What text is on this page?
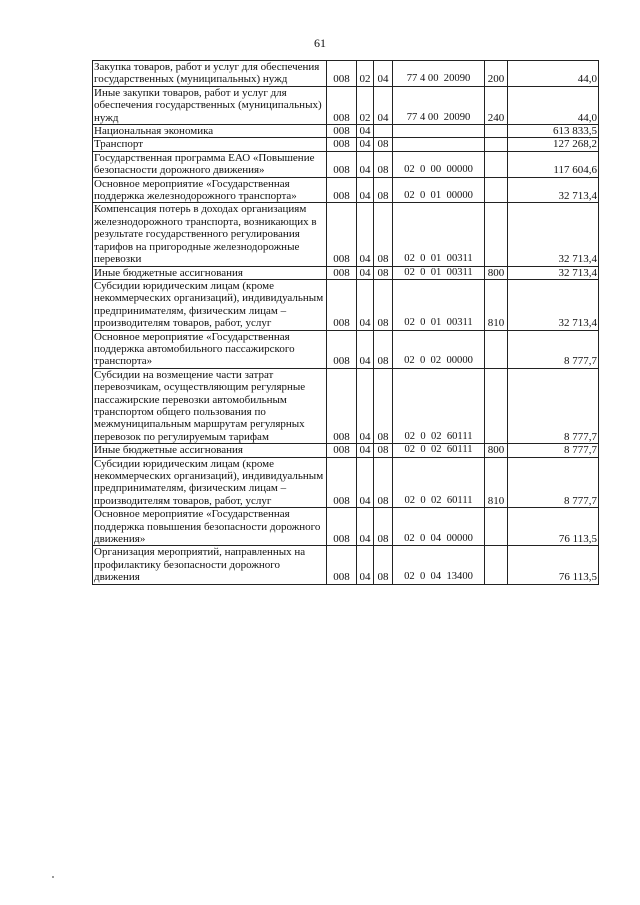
61
Закупка товаров, работ и услуг для обеспечения государственных (муниципальных) нужд	008	02	04	77 4 00  20090	200	44,0
Иные закупки товаров, работ и услуг для обеспечения государственных (муниципальных) нужд	008	02	04	77 4 00  20090	240	44,0
Национальная экономика	008	04				613 833,5
Транспорт	008	04	08			127 268,2
Государственная программа ЕАО «Повышение безопасности дорожного движения»	008	04	08	02  0  00  00000		117 604,6
Основное мероприятие «Государственная поддержка железнодорожного транспорта»	008	04	08	02  0  01  00000		32 713,4
Компенсация потерь в доходах организациям железнодорожного транспорта, возникающих в результате государственного регулирования тарифов на пригородные железнодорожные перевозки	008	04	08	02  0  01  00311		32 713,4
Иные бюджетные ассигнования	008	04	08	02  0  01  00311	800	32 713,4
Субсидии юридическим лицам (кроме некоммерческих организаций), индивидуальным предпринимателям, физическим лицам – производителям товаров, работ, услуг	008	04	08	02  0  01  00311	810	32 713,4
Основное мероприятие «Государственная поддержка автомобильного пассажирского транспорта»	008	04	08	02  0  02  00000		8 777,7
Субсидии на возмещение части затрат перевозчикам, осуществляющим регулярные пассажирские перевозки автомобильным транспортом общего пользования по межмуниципальным маршрутам регулярных перевозок по регулируемым тарифам	008	04	08	02  0  02  60111		8 777,7
Иные бюджетные ассигнования	008	04	08	02  0  02  60111	800	8 777,7
Субсидии юридическим лицам (кроме некоммерческих организаций), индивидуальным предпринимателям, физическим лицам – производителям товаров, работ, услуг	008	04	08	02  0  02  60111	810	8 777,7
Основное мероприятие «Государственная поддержка повышения безопасности дорожного движения»	008	04	08	02  0  04  00000		76 113,5
Организация мероприятий, направленных на профилактику безопасности дорожного движения	008	04	08	02  0  04  13400		76 113,5
